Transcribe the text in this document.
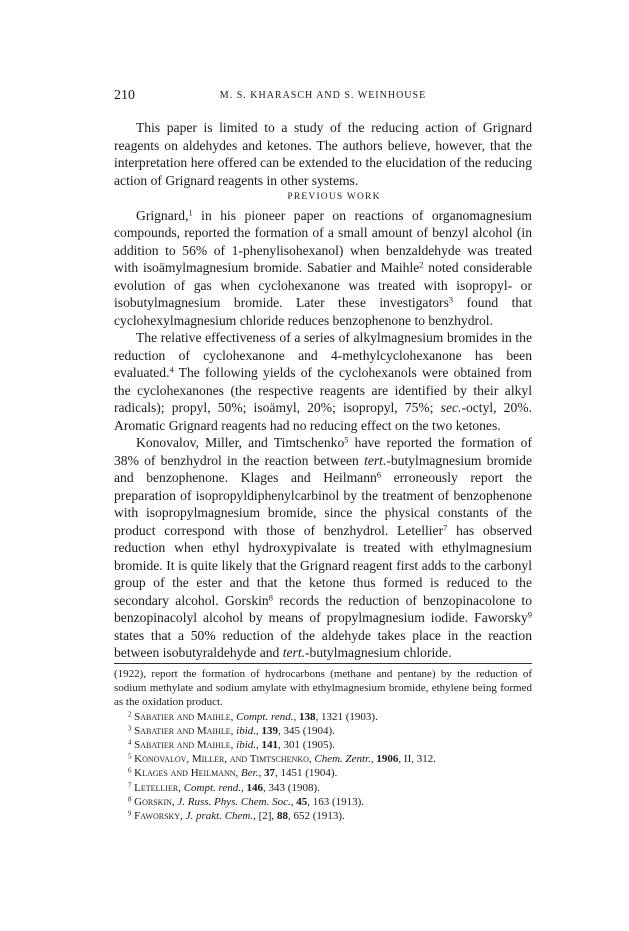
210	M. S. KHARASCH AND S. WEINHOUSE

This paper is limited to a study of the reducing action of Grignard reagents on aldehydes and ketones. The authors believe, however, that the interpretation here offered can be extended to the elucidation of the reducing action of Grignard reagents in other systems.

PREVIOUS WORK

Grignard,$^1$ in his pioneer paper on reactions of organomagnesium compounds, reported the formation of a small amount of benzyl alcohol (in addition to 56% of 1-phenylisohexanol) when benzaldehyde was treated with isoämylmagnesium bromide. Sabatier and Maihle$^2$ noted considerable evolution of gas when cyclohexanone was treated with isopropyl- or isobutylmagnesium bromide. Later these investigators$^3$ found that cyclohexylmagnesium chloride reduces benzophenone to benzhydrol.

The relative effectiveness of a series of alkylmagnesium bromides in the reduction of cyclohexanone and 4-methylcyclohexanone has been evaluated.$^4$ The following yields of the cyclohexanols were obtained from the cyclohexanones (the respective reagents are identified by their alkyl radicals); propyl, 50%; isoämyl, 20%; isopropyl, 75%; sec.-octyl, 20%. Aromatic Grignard reagents had no reducing effect on the two ketones.

Konovalov, Miller, and Timtschenko$^5$ have reported the formation of 38% of benzhydrol in the reaction between tert.-butylmagnesium bromide and benzophenone. Klages and Heilmann$^6$ erroneously report the preparation of isopropyldiphenylcarbinol by the treatment of benzophenone with isopropylmagnesium bromide, since the physical constants of the product correspond with those of benzhydrol. Letellier$^7$ has observed reduction when ethyl hydroxypivalate is treated with ethylmagnesium bromide. It is quite likely that the Grignard reagent first adds to the carbonyl group of the ester and that the ketone thus formed is reduced to the secondary alcohol. Gorskin$^8$ records the reduction of benzopinacolone to benzopinacolyl alcohol by means of propylmagnesium iodide. Faworsky$^9$ states that a 50% reduction of the aldehyde takes place in the reaction between isobutyraldehyde and tert.-butylmagnesium chloride.

(1922), report the formation of hydrocarbons (methane and pentane) by the reduction of sodium methylate and sodium amylate with ethylmagnesium bromide, ethylene being formed as the oxidation product.

$^2$ Sabatier and Maihle, Compt. rend., 138, 1321 (1903).

$^3$ Sabatier and Maihle, ibid., 139, 345 (1904).

$^4$ Sabatier and Maihle, ibid., 141, 301 (1905).

$^5$ Konovalov, Miller, and Timtschenko, Chem. Zentr., 1906, II, 312.

$^6$ Klages and Heilmann, Ber., 37, 1451 (1904).

$^7$ Letellier, Compt. rend., 146, 343 (1908).

$^8$ Gorskin, J. Russ. Phys. Chem. Soc., 45, 163 (1913).

$^9$ Faworsky, J. prakt. Chem., [2], 88, 652 (1913).
